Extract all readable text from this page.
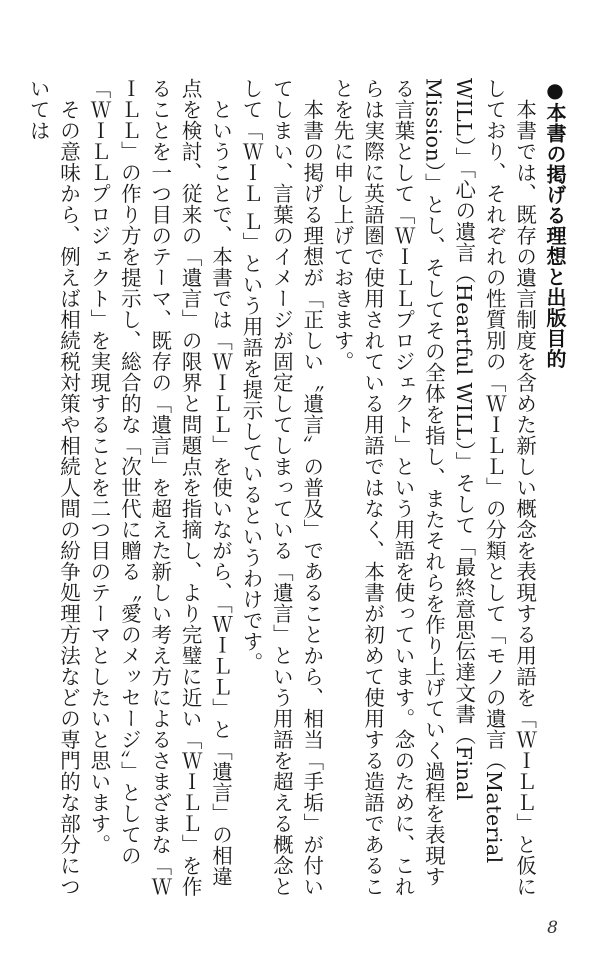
●本書の掲げる理想と出版目的

本書では、既存の遺言制度を含めた新しい概念を表現する用語を「ＷＩＬＬ」と仮にしており、それぞれの性質別の「ＷＩＬＬ」の分類として「モノの遺言（Material WILL）」「心の遺言（Heartful WILL）」そして「最終意思伝達文書（Final Mission）」とし、そしてその全体を指し、またそれらを作り上げていく過程を表現する言葉として「ＷＩＬＬプロジェクト」という用語を使っています。念のために、これらは実際に英語圏で使用されている用語ではなく、本書が初めて使用する造語であることを先に申し上げておきます。

本書の掲げる理想が「正しい〝遺言〟の普及」であることから、相当「手垢」が付いてしまい、言葉のイメージが固定してしまっている「遺言」という用語を超える概念として「ＷＩＬ Ｌ」という用語を提示しているというわけです。

ということで、本書では「ＷＩＬＬ」を使いながら、「ＷＩＬＬ」と「遺言」の相違点を検討、従来の「遺言」の限界と問題点を指摘し、より完璧に近い「ＷＩＬＬ」を作ることを一つ目のテーマ、既存の「遺言」を超えた新しい考え方によるさまざまな「ＷＩＬＬ」の作り方を提示し、総合的な「次世代に贈る〝愛のメッセージ〟」としての「ＷＩＬＬプロジェクト」を実現することを二つ目のテーマとしたいと思います。

その意味から、例えば相続税対策や相続人間の紛争処理方法などの専門的な部分については

8
